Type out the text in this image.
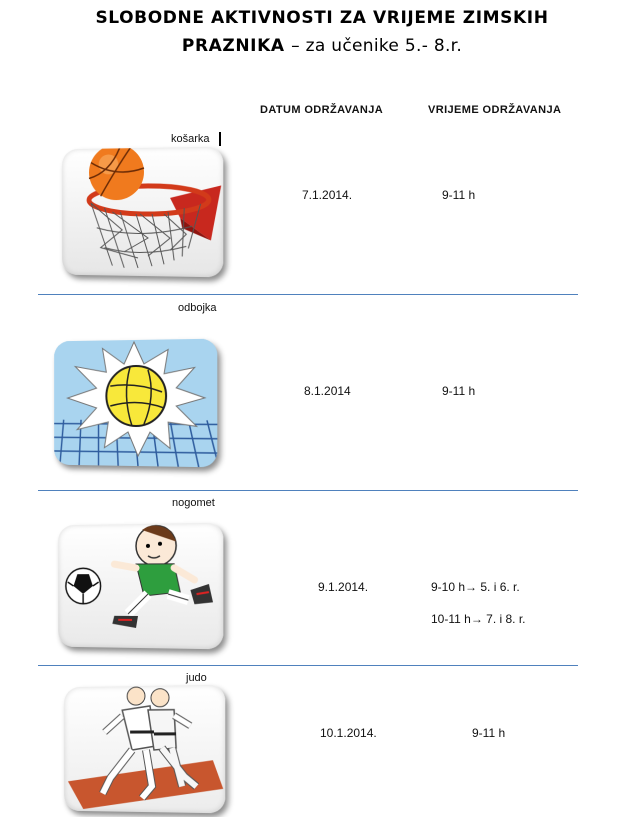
SLOBODNE AKTIVNOSTI ZA VRIJEME ZIMSKIH
PRAZNIKA – za učenike 5.- 8.r.
DATUM ODRŽAVANJA	VRIJEME ODRŽAVANJA
košarka
7.1.2014.	9-11 h
odbojka
8.1.2014	9-11 h
nogomet
9.1.2014.	9-10 h→ 5. i 6. r.
10-11 h→ 7. i 8. r.
judo
10.1.2014.	9-11 h
